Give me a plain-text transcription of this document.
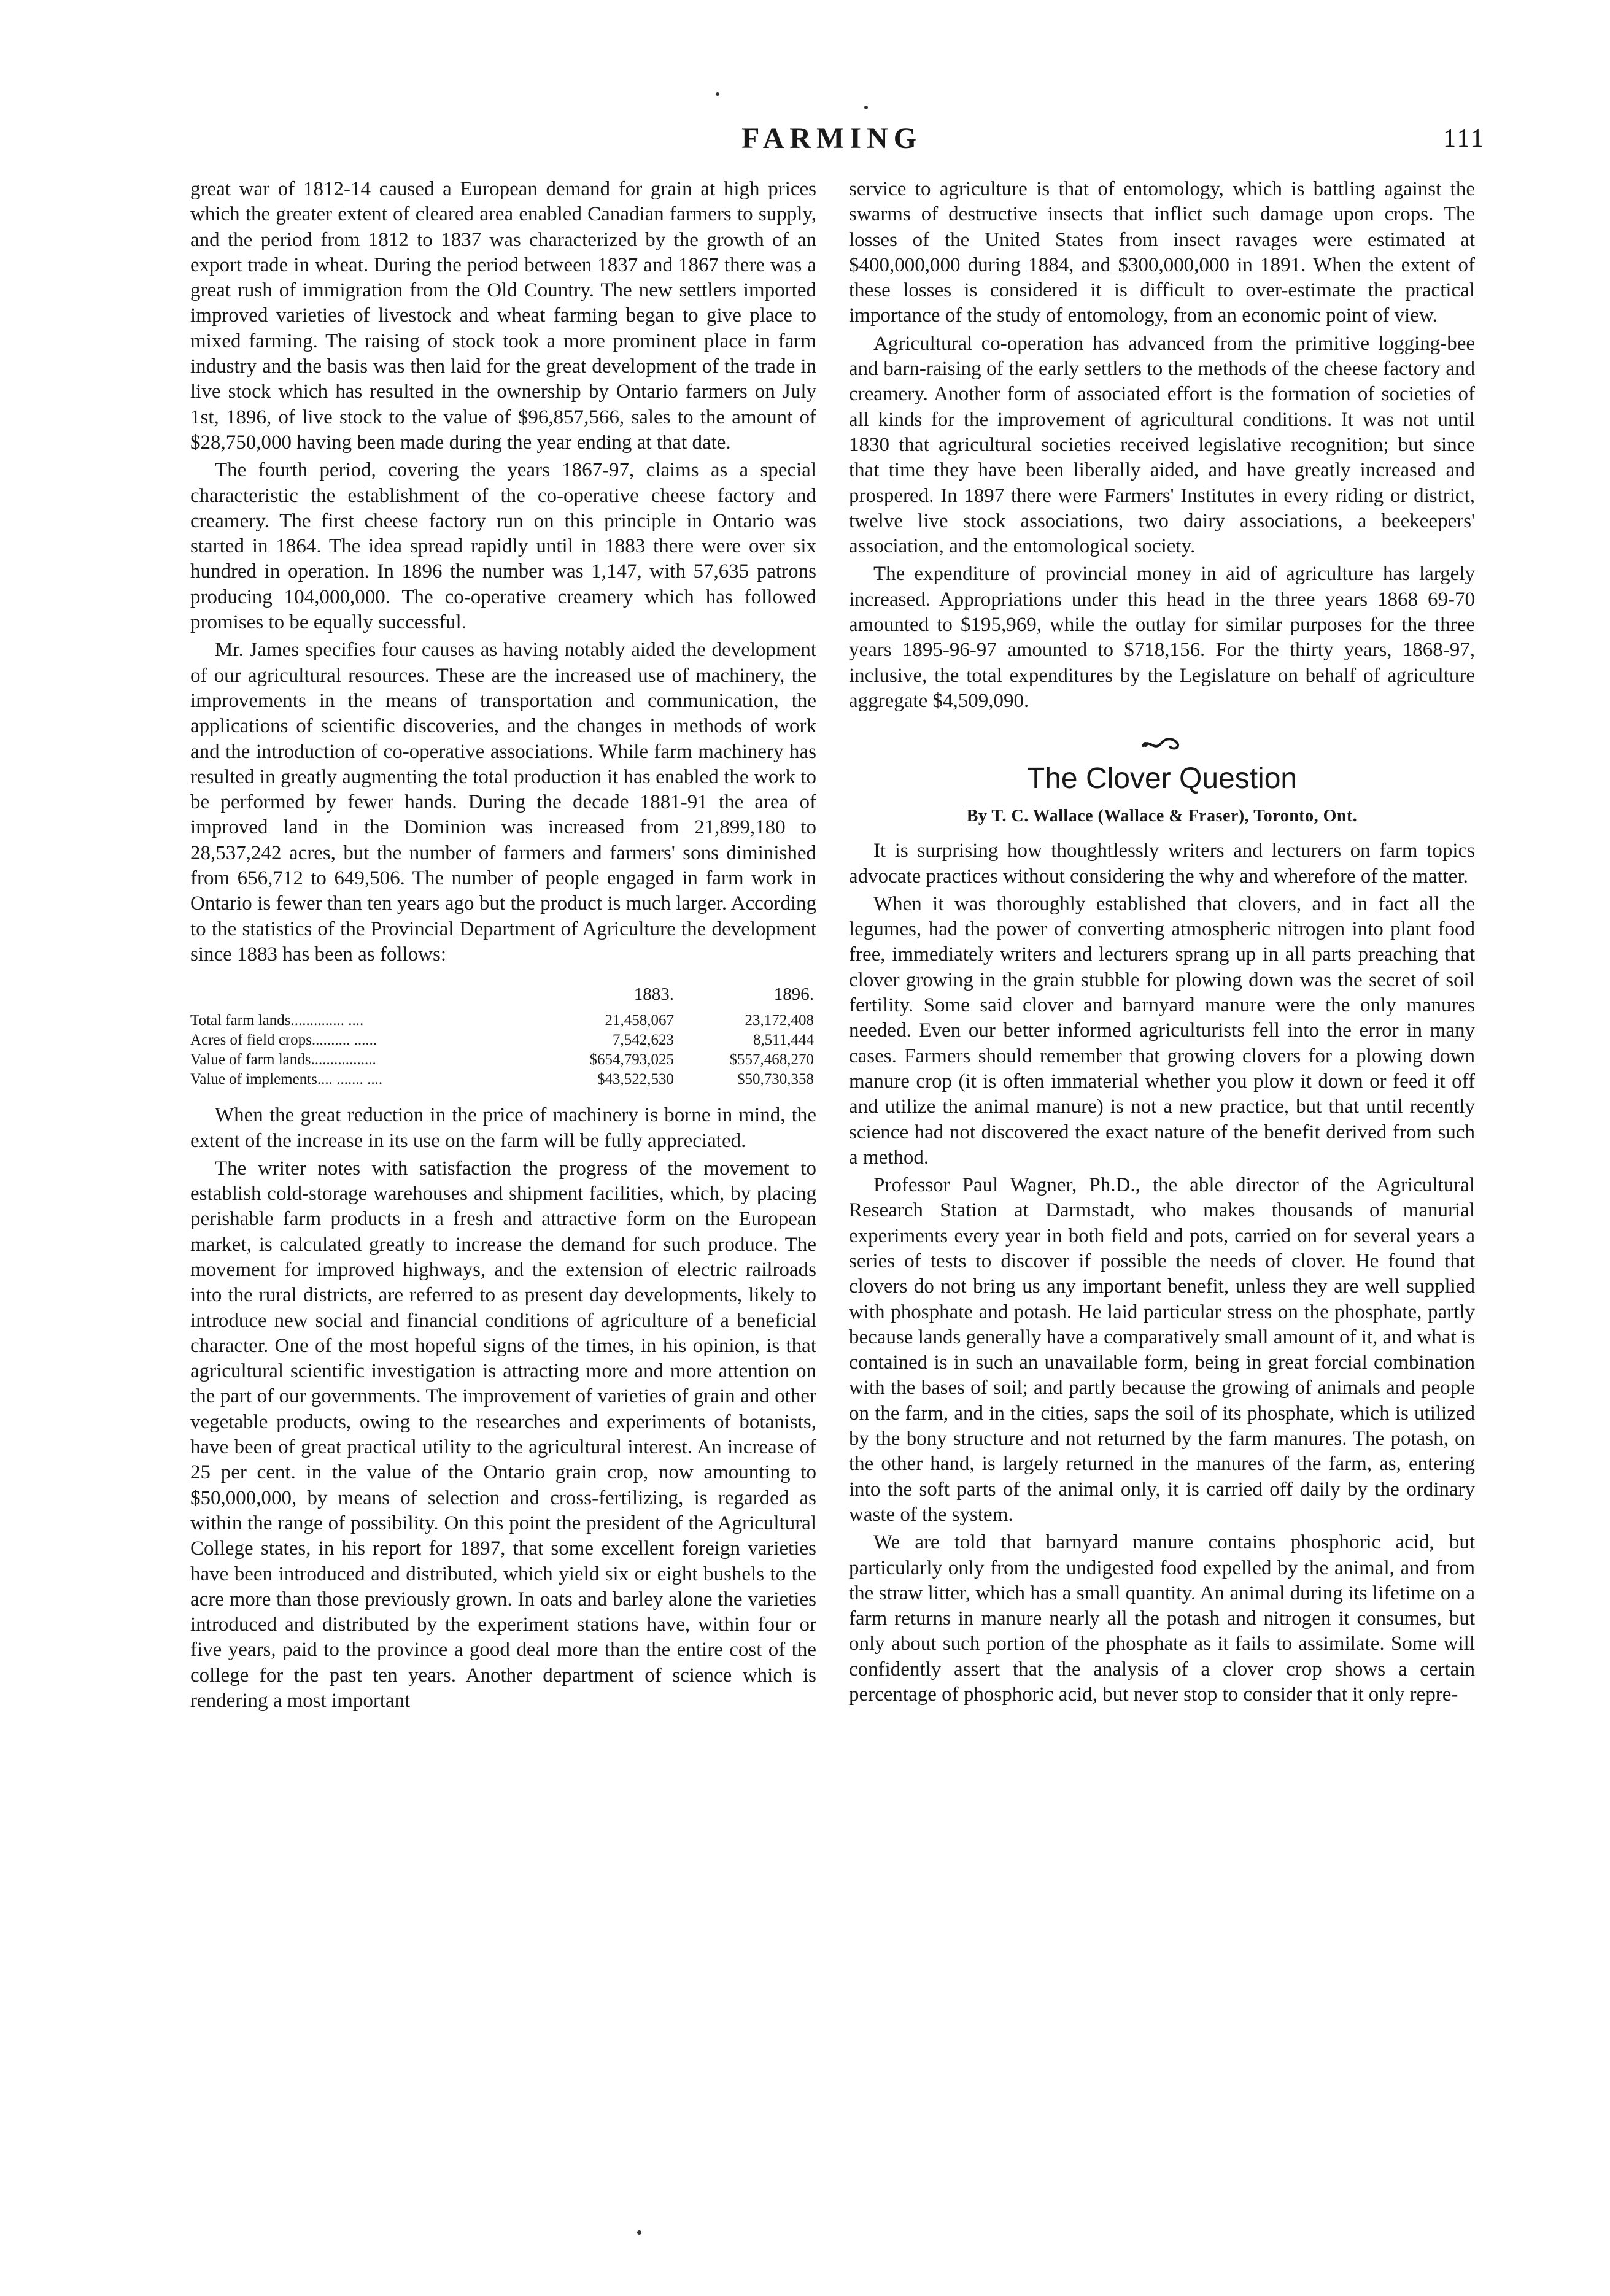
FARMING	111

great war of 1812-14 caused a European demand for grain at high prices which the greater extent of cleared area enabled Canadian farmers to supply, and the period from 1812 to 1837 was characterized by the growth of an export trade in wheat. During the period between 1837 and 1867 there was a great rush of immigration from the Old Country. The new settlers imported improved varieties of livestock and wheat farming began to give place to mixed farming. The raising of stock took a more prominent place in farm industry and the basis was then laid for the great development of the trade in live stock which has resulted in the ownership by Ontario farmers on July 1st, 1896, of live stock to the value of $96,857,566, sales to the amount of $28,750,000 having been made during the year ending at that date.

The fourth period, covering the years 1867-97, claims as a special characteristic the establishment of the co-operative cheese factory and creamery. The first cheese factory run on this principle in Ontario was started in 1864. The idea spread rapidly until in 1883 there were over six hundred in operation. In 1896 the number was 1,147, with 57,635 patrons producing 104,000,000. The co-operative creamery which has followed promises to be equally successful.

Mr. James specifies four causes as having notably aided the development of our agricultural resources. These are the increased use of machinery, the improvements in the means of transportation and communication, the applications of scientific discoveries, and the changes in methods of work and the introduction of co-operative associations. While farm machinery has resulted in greatly augmenting the total production it has enabled the work to be performed by fewer hands. During the decade 1881-91 the area of improved land in the Dominion was increased from 21,899,180 to 28,537,242 acres, but the number of farmers and farmers' sons diminished from 656,712 to 649,506. The number of people engaged in farm work in Ontario is fewer than ten years ago but the product is much larger. According to the statistics of the Provincial Department of Agriculture the development since 1883 has been as follows:

	1883.	1896.
Total farm lands.............. ....	21,458,067	23,172,408
Acres of field crops.......... ......	7,542,623	8,511,444
Value of farm lands.................	$654,793,025	$557,468,270
Value of implements.... ....... ....	$43,522,530	$50,730,358

When the great reduction in the price of machinery is borne in mind, the extent of the increase in its use on the farm will be fully appreciated.

The writer notes with satisfaction the progress of the movement to establish cold-storage warehouses and shipment facilities, which, by placing perishable farm products in a fresh and attractive form on the European market, is calculated greatly to increase the demand for such produce. The movement for improved highways, and the extension of electric railroads into the rural districts, are referred to as present day developments, likely to introduce new social and financial conditions of agriculture of a beneficial character. One of the most hopeful signs of the times, in his opinion, is that agricultural scientific investigation is attracting more and more attention on the part of our governments. The improvement of varieties of grain and other vegetable products, owing to the researches and experiments of botanists, have been of great practical utility to the agricultural interest. An increase of 25 per cent. in the value of the Ontario grain crop, now amounting to $50,000,000, by means of selection and cross-fertilizing, is regarded as within the range of possibility. On this point the president of the Agricultural College states, in his report for 1897, that some excellent foreign varieties have been introduced and distributed, which yield six or eight bushels to the acre more than those previously grown. In oats and barley alone the varieties introduced and distributed by the experiment stations have, within four or five years, paid to the province a good deal more than the entire cost of the college for the past ten years. Another department of science which is rendering a most important

service to agriculture is that of entomology, which is battling against the swarms of destructive insects that inflict such damage upon crops. The losses of the United States from insect ravages were estimated at $400,000,000 during 1884, and $300,000,000 in 1891. When the extent of these losses is considered it is difficult to over-estimate the practical importance of the study of entomology, from an economic point of view.

Agricultural co-operation has advanced from the primitive logging-bee and barn-raising of the early settlers to the methods of the cheese factory and creamery. Another form of associated effort is the formation of societies of all kinds for the improvement of agricultural conditions. It was not until 1830 that agricultural societies received legislative recognition; but since that time they have been liberally aided, and have greatly increased and prospered. In 1897 there were Farmers' Institutes in every riding or district, twelve live stock associations, two dairy associations, a beekeepers' association, and the entomological society.

The expenditure of provincial money in aid of agriculture has largely increased. Appropriations under this head in the three years 1868 69-70 amounted to $195,969, while the outlay for similar purposes for the three years 1895-96-97 amounted to $718,156. For the thirty years, 1868-97, inclusive, the total expenditures by the Legislature on behalf of agriculture aggregate $4,509,090.

The Clover Question

By T. C. Wallace (Wallace & Fraser), Toronto, Ont.

It is surprising how thoughtlessly writers and lecturers on farm topics advocate practices without considering the why and wherefore of the matter.

When it was thoroughly established that clovers, and in fact all the legumes, had the power of converting atmospheric nitrogen into plant food free, immediately writers and lecturers sprang up in all parts preaching that clover growing in the grain stubble for plowing down was the secret of soil fertility. Some said clover and barnyard manure were the only manures needed. Even our better informed agriculturists fell into the error in many cases. Farmers should remember that growing clovers for a plowing down manure crop (it is often immaterial whether you plow it down or feed it off and utilize the animal manure) is not a new practice, but that until recently science had not discovered the exact nature of the benefit derived from such a method.

Professor Paul Wagner, Ph.D., the able director of the Agricultural Research Station at Darmstadt, who makes thousands of manurial experiments every year in both field and pots, carried on for several years a series of tests to discover if possible the needs of clover. He found that clovers do not bring us any important benefit, unless they are well supplied with phosphate and potash. He laid particular stress on the phosphate, partly because lands generally have a comparatively small amount of it, and what is contained is in such an unavailable form, being in great forcial combination with the bases of soil; and partly because the growing of animals and people on the farm, and in the cities, saps the soil of its phosphate, which is utilized by the bony structure and not returned by the farm manures. The potash, on the other hand, is largely returned in the manures of the farm, as, entering into the soft parts of the animal only, it is carried off daily by the ordinary waste of the system.

We are told that barnyard manure contains phosphoric acid, but particularly only from the undigested food expelled by the animal, and from the straw litter, which has a small quantity. An animal during its lifetime on a farm returns in manure nearly all the potash and nitrogen it consumes, but only about such portion of the phosphate as it fails to assimilate. Some will confidently assert that the analysis of a clover crop shows a certain percentage of phosphoric acid, but never stop to consider that it only repre-
